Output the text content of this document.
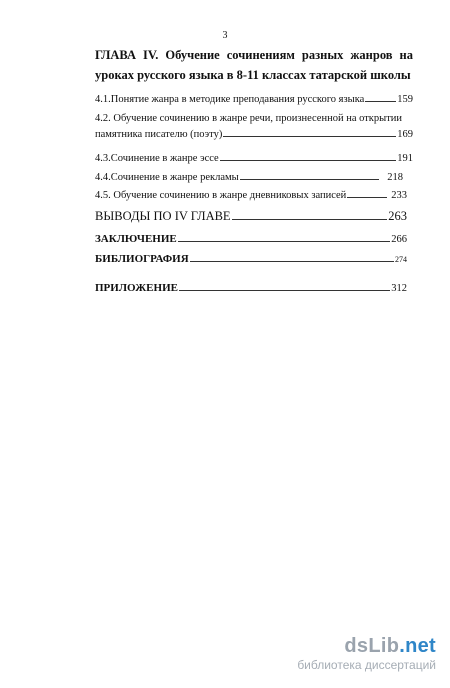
3
ГЛАВА IV. Обучение сочинениям разных жанров на
уроках русского языка в 8-11 классах татарской школы
4.1.Понятие жанра в методике преподавания русского языка	159
4.2. Обучение сочинению в жанре речи, произнесенной на открытии
памятника писателю (поэту)	169
4.3.Сочинение в жанре эссе	191
4.4.Сочинение в жанре рекламы	218
4.5. Обучение сочинению в жанре дневниковых записей	233
ВЫВОДЫ ПО IV ГЛАВЕ	263
ЗАКЛЮЧЕНИЕ	266
БИБЛИОГРАФИЯ	274
ПРИЛОЖЕНИЕ	312
dsLib.net
библиотека диссертаций
